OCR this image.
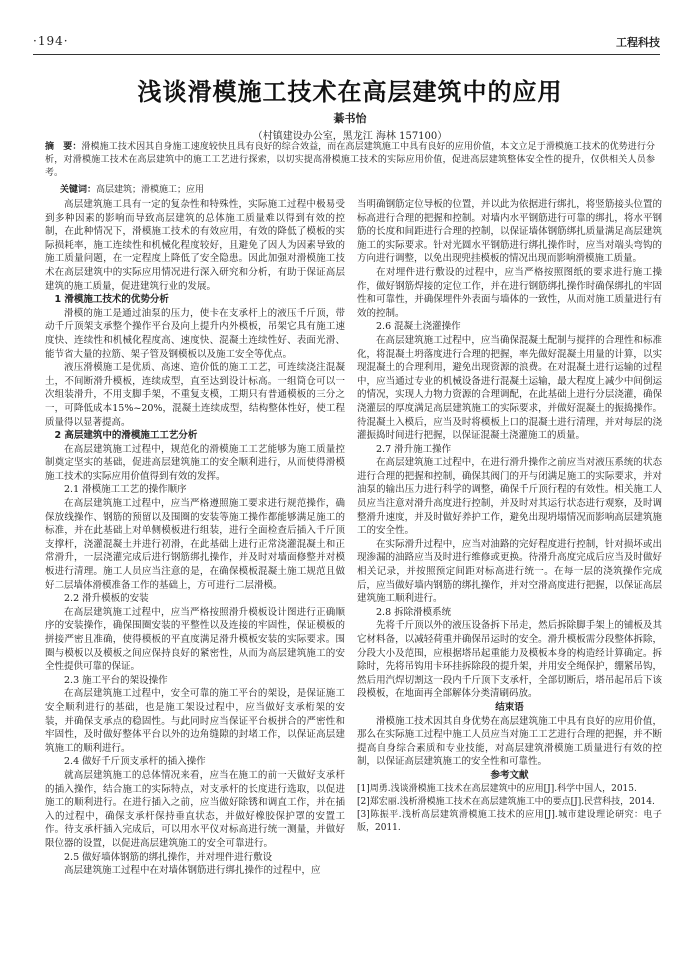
·194·	工程科技
浅谈滑模施工技术在高层建筑中的应用
綦书怡
（村镇建设办公室，黑龙江 海林 157100）
摘　要：滑模施工技术因其自身施工速度较快且具有良好的综合效益，而在高层建筑施工中具有良好的应用价值，本文立足于滑模施工技术的优势进行分析，对滑模施工技术在高层建筑中的施工工艺进行探索，以切实提高滑模施工技术的实际应用价值，促进高层建筑整体安全性的提升，仅供相关人员参考。
关键词：高层建筑；滑模施工；应用

高层建筑施工具有一定的复杂性和特殊性，实际施工过程中极易受到多种因素的影响而导致高层建筑的总体施工质量难以得到有效的控制，在此种情况下，滑模施工技术的有效应用，有效的降低了模板的实际损耗率，施工连续性和机械化程度较好，且避免了因人为因素导致的施工质量问题，在一定程度上降低了安全隐患。因此加强对滑模施工技术在高层建筑中的实际应用情况进行深入研究和分析，有助于保证高层建筑的施工质量，促进建筑行业的发展。

1 滑模施工技术的优势分析

滑模的施工是通过油泵的压力，使卡在支承杆上的液压千斤顶，带动千斤顶架支承整个操作平台及向上提升内外模板，吊架它具有施工速度快、连续性和机械化程度高、速度快、混凝土连续性好、表面光滑、能节省大量的拉筋、架子管及钢模板以及施工安全等优点。

液压滑模施工是优质、高速、造价低的施工工艺，可连续浇注混凝土，不间断滑升模板，连续成型，直至达到设计标高。一组筒仓可以一次组装滑升，不用支脚手架，不重复支模，工期只有普通模板的三分之一，可降低成本15%~20%，混凝土连续成型，结构整体性好，使工程质量得以显著提高。

2 高层建筑中的滑模施工工艺分析

在高层建筑施工过程中，规范化的滑模施工工艺能够为施工质量控制奠定坚实的基础，促进高层建筑施工的安全顺利进行，从而使得滑模施工技术的实际应用价值得到有效的发挥。

2.1 滑模施工工艺的操作顺序

在高层建筑施工过程中，应当严格遵照施工要求进行规范操作，确保放线操作、钢筋的预留以及围圈的安装等施工操作都能够满足施工的标准，并在此基础上对单侧模板进行组装，进行全面检查后插入千斤顶支撑杆，浇灌混凝土并进行初滑，在此基础上进行正常浇灌混凝土和正常滑升，一层浇灌完成后进行钢筋绑扎操作，并及时对墙面修整并对模板进行清理。施工人员应当注意的是，在确保模板混凝土施工规范且做好二层墙体滑模准备工作的基础上，方可进行二层滑模。

2.2 滑升模板的安装

在高层建筑施工过程中，应当严格按照滑升模板设计图进行正确顺序的安装操作，确保围圈安装的平整性以及连接的牢固性，保证模板的拼接严密且准确，使得模板的平直度满足滑升模板安装的实际要求。围圈与模板以及模板之间应保持良好的紧密性，从而为高层建筑施工的安全性提供可靠的保证。

2.3 施工平台的架设操作

在高层建筑施工过程中，安全可靠的施工平台的架设，是保证施工安全顺利进行的基础，也是施工架设过程中，应当做好支承桁架的安装，并确保支承点的稳固性。与此同时应当保证平台板拼合的严密性和牢固性，及时做好整体平台以外的边角缝隙的封堵工作，以保证高层建筑施工的顺利进行。

2.4 做好千斤顶支承杆的插入操作

就高层建筑施工的总体情况来看，应当在施工的前一天做好支承杆的插入操作，结合施工的实际特点，对支承杆的长度进行选取，以促进施工的顺利进行。在进行插入之前，应当做好除锈和调直工作，并在插入的过程中，确保支承杆保持垂直状态，并做好橡胶保护罩的安置工作。待支承杆插入完成后，可以用水平仪对标高进行统一测量，并做好限位器的设置，以促进高层建筑施工的安全可靠进行。

2.5 做好墙体钢筋的绑扎操作，并对埋件进行敷设

高层建筑施工过程中在对墙体钢筋进行绑扎操作的过程中，应

当明确钢筋定位导板的位置，并以此为依据进行绑扎，将竖筋接头位置的标高进行合理的把握和控制。对墙内水平钢筋进行可靠的绑扎，将水平钢筋的长度和间距进行合理的控制，以保证墙体钢筋绑扎质量满足高层建筑施工的实际要求。针对光圆水平钢筋进行绑扎操作时，应当对端头弯钩的方向进行调整，以免出现兜挂模板的情况出现而影响滑模施工质量。

在对埋件进行敷设的过程中，应当严格按照图纸的要求进行施工操作，做好钢筋焊接的定位工作，并在进行钢筋绑扎操作时确保绑扎的牢固性和可靠性，并确保埋件外表面与墙体的一致性，从而对施工质量进行有效的控制。

2.6 混凝土浇灌操作

在高层建筑施工过程中，应当确保混凝土配制与搅拌的合理性和标准化，将混凝土坍落度进行合理的把握，率先做好混凝土用量的计算，以实现混凝土的合理利用，避免出现资源的浪费。在对混凝土进行运输的过程中，应当通过专业的机械设备进行混凝土运输，最大程度上减少中间倒运的情况，实现人力物力资源的合理调配，在此基础上进行分层浇灌，确保浇灌层的厚度满足高层建筑施工的实际要求，并做好混凝土的振捣操作。待混凝土入模后，应当及时将模板上口的混凝土进行清理，并对每层的浇灌振捣时间进行把握，以保证混凝土浇灌施工的质量。

2.7 滑升施工操作

在高层建筑施工过程中，在进行滑升操作之前应当对液压系统的状态进行合理的把握和控制，确保其阀门的开与闭满足施工的实际要求，并对油泵的输出压力进行科学的调整，确保千斤顶行程的有效性。相关施工人员应当注意对滑升高度进行控制，并及时对其运行状态进行观察，及时调整滑升速度，并及时做好养护工作，避免出现坍塌情况而影响高层建筑施工的安全性。

在实际滑升过程中，应当对油路的完好程度进行控制，针对损坏或出现渗漏的油路应当及时进行维修或更换。待滑升高度完成后应当及时做好相关记录，并按照预定间距对标高进行统一。在每一层的浇筑操作完成后，应当做好墙内钢筋的绑扎操作，并对空滑高度进行把握，以保证高层建筑施工顺利进行。

2.8 拆除滑模系统

先将千斤顶以外的液压设备拆下吊走，然后拆除脚手架上的铺板及其它材料备，以减轻荷重并确保吊运时的安全。滑升模板需分段整体拆除，分段大小及范围，应根据塔吊起重能力及模板本身的构造经计算确定。拆除时，先将吊钩用卡环挂拆除段的提升架，并用安全绳保护，绷紧吊钩，然后用汽焊切割这一段内千斤顶下支承杆，全部切断后，塔吊起吊后下该段模板，在地面再全部解体分类清刷码放。

结束语

滑模施工技术因其自身优势在高层建筑施工中具有良好的应用价值，那么在实际施工过程中施工人员应当对施工工艺进行合理的把握，并不断提高自身综合素质和专业技能，对高层建筑滑模施工质量进行有效的控制，以保证高层建筑施工的安全性和可靠性。

参考文献

[1]周勇.浅谈滑模施工技术在高层建筑中的应用[J].科学中国人，2015.

[2]郑宏丽.浅析滑模施工技术在高层建筑施工中的要点[J].民营科技，2014.

[3]陈振平.浅析高层建筑滑模施工技术的应用[J].城市建设理论研究：电子版，2011.
